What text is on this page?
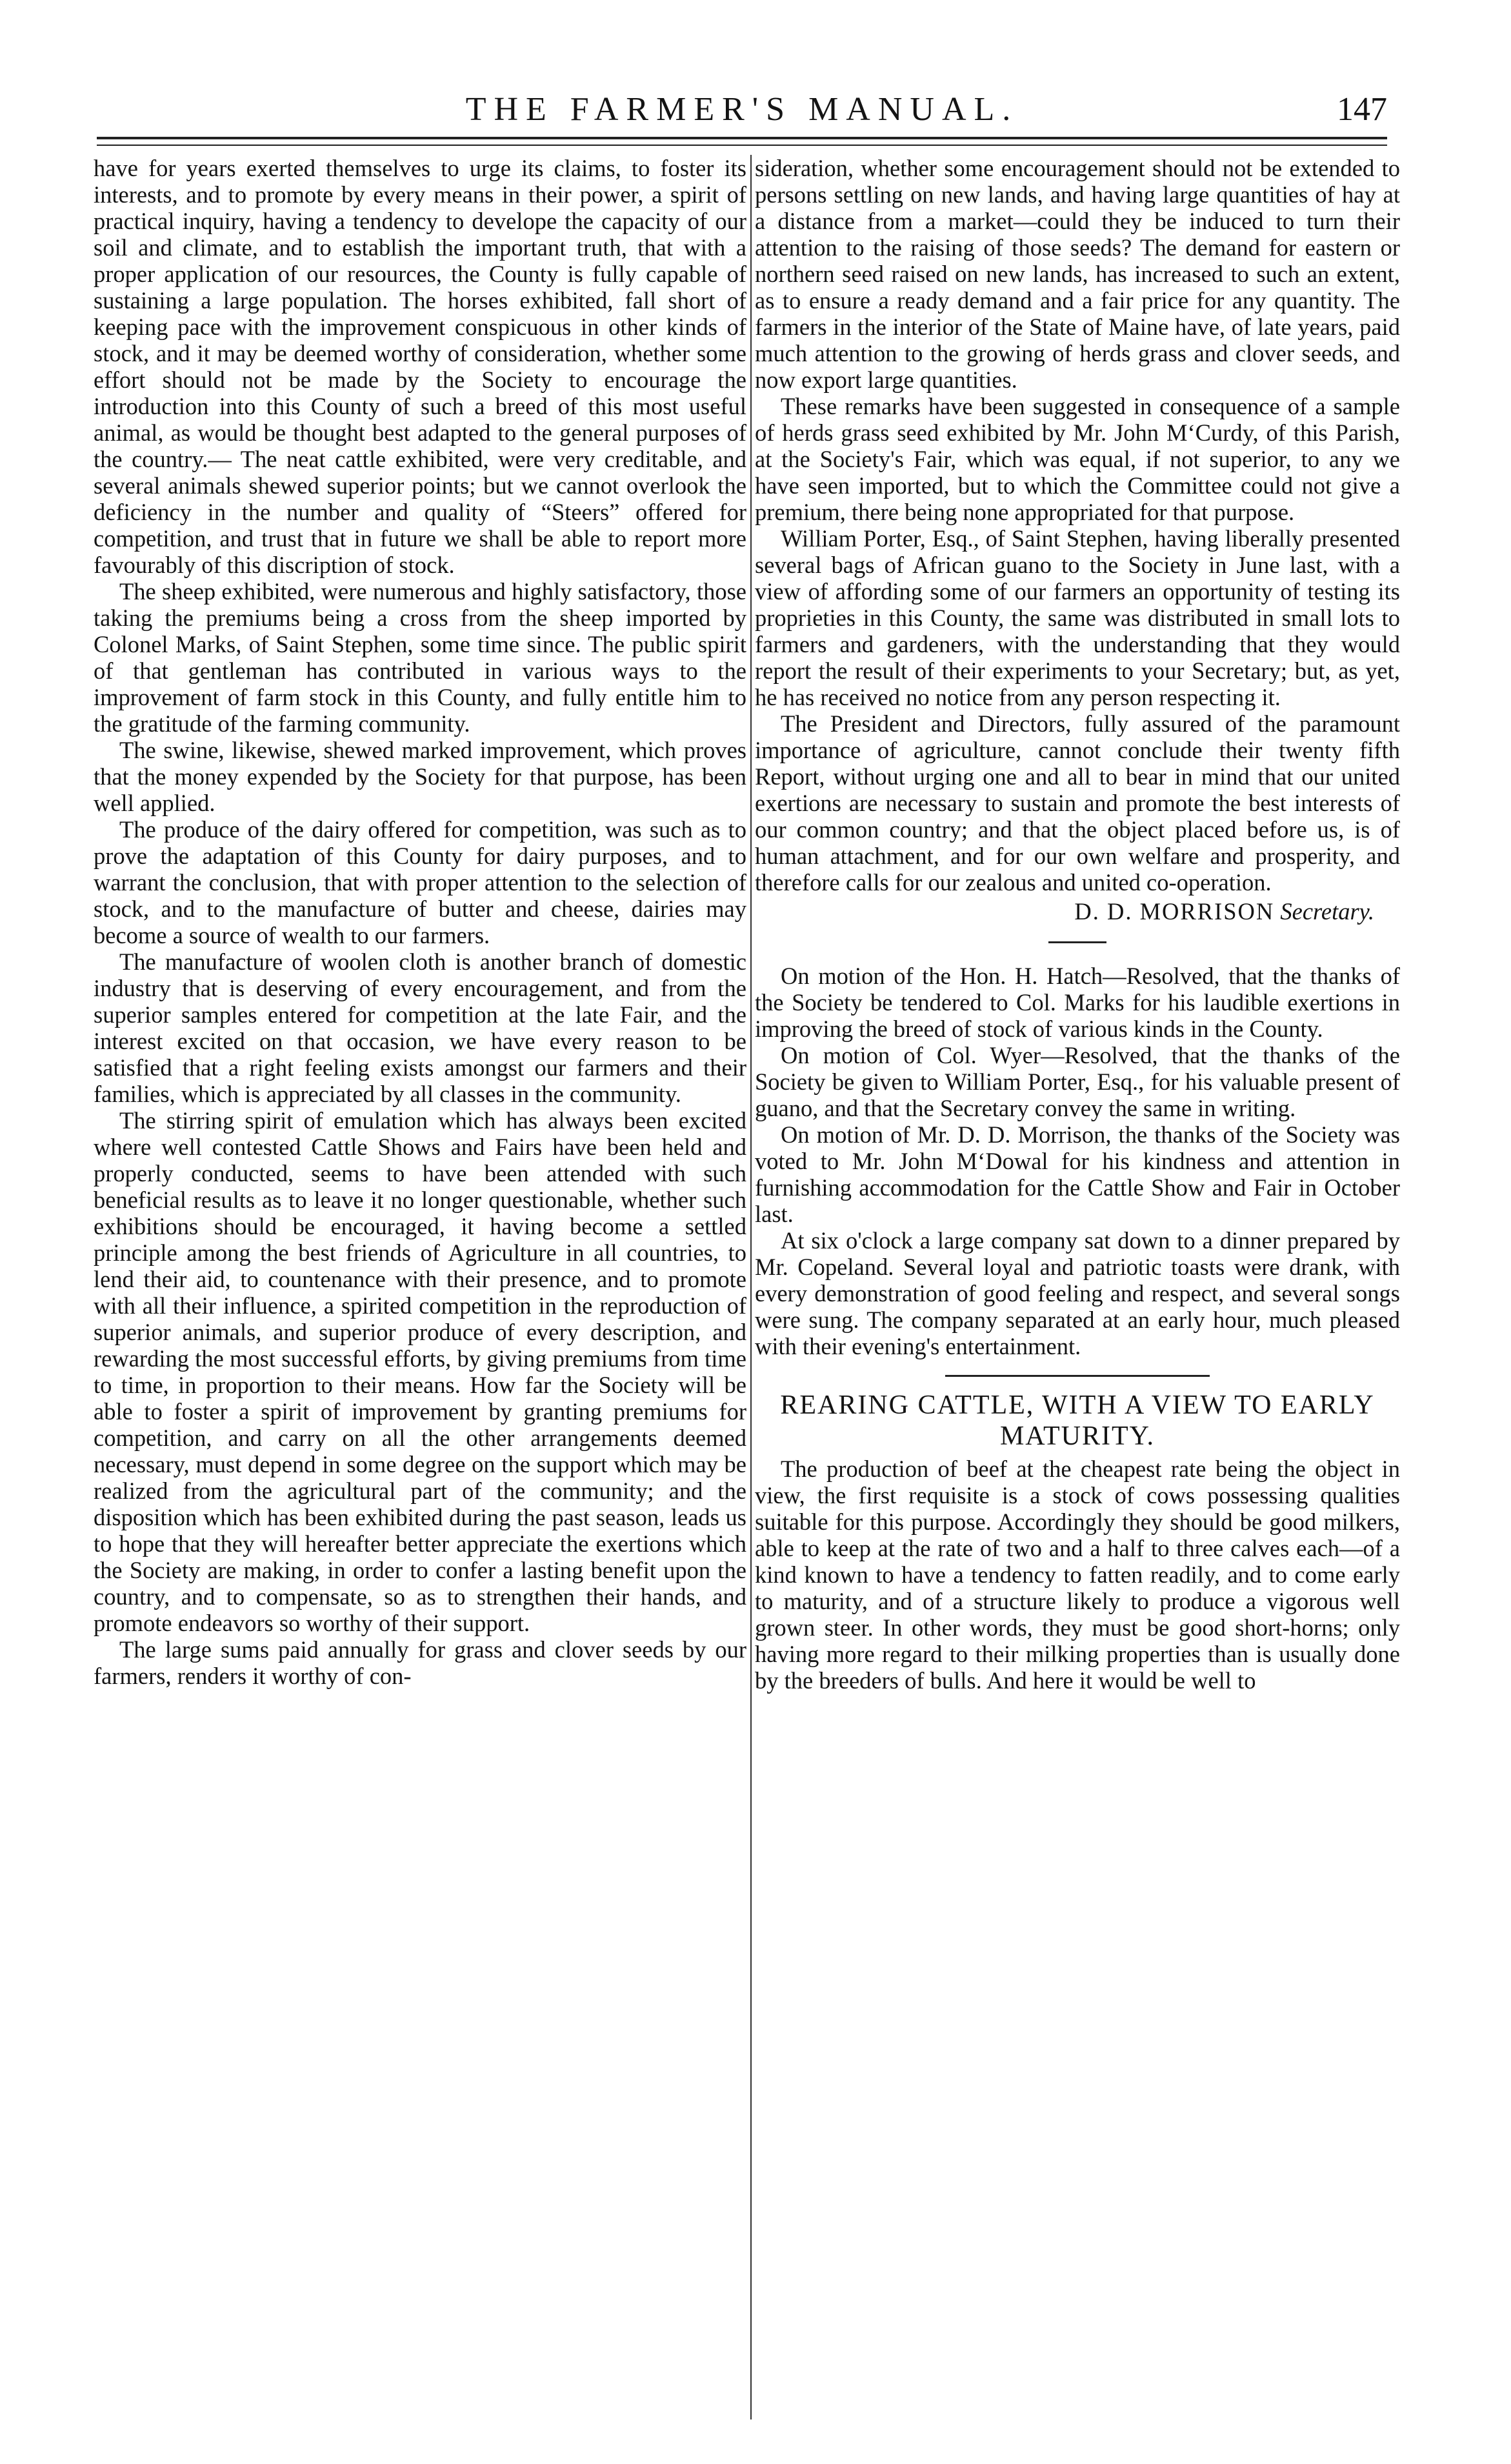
THE FARMER'S MANUAL.	147

have for years exerted themselves to urge its claims, to foster its interests, and to promote by every means in their power, a spirit of practical inquiry, having a tendency to develope the capacity of our soil and climate, and to establish the important truth, that with a proper application of our resources, the County is fully capable of sustaining a large population. The horses exhibited, fall short of keeping pace with the improvement conspicuous in other kinds of stock, and it may be deemed worthy of consideration, whether some effort should not be made by the Society to encourage the introduction into this County of such a breed of this most useful animal, as would be thought best adapted to the general purposes of the country.— The neat cattle exhibited, were very creditable, and several animals shewed superior points; but we cannot overlook the deficiency in the number and quality of “Steers” offered for competition, and trust that in future we shall be able to report more favourably of this discription of stock.

The sheep exhibited, were numerous and highly satisfactory, those taking the premiums being a cross from the sheep imported by Colonel Marks, of Saint Stephen, some time since. The public spirit of that gentleman has contributed in various ways to the improvement of farm stock in this County, and fully entitle him to the gratitude of the farming community.

The swine, likewise, shewed marked improvement, which proves that the money expended by the Society for that purpose, has been well applied.

The produce of the dairy offered for competition, was such as to prove the adaptation of this County for dairy purposes, and to warrant the conclusion, that with proper attention to the selection of stock, and to the manufacture of butter and cheese, dairies may become a source of wealth to our farmers.

The manufacture of woolen cloth is another branch of domestic industry that is deserving of every encouragement, and from the superior samples entered for competition at the late Fair, and the interest excited on that occasion, we have every reason to be satisfied that a right feeling exists amongst our farmers and their families, which is appreciated by all classes in the community.

The stirring spirit of emulation which has always been excited where well contested Cattle Shows and Fairs have been held and properly conducted, seems to have been attended with such beneficial results as to leave it no longer questionable, whether such exhibitions should be encouraged, it having become a settled principle among the best friends of Agriculture in all countries, to lend their aid, to countenance with their presence, and to promote with all their influence, a spirited competition in the reproduction of superior animals, and superior produce of every description, and rewarding the most successful efforts, by giving premiums from time to time, in proportion to their means. How far the Society will be able to foster a spirit of improvement by granting premiums for competition, and carry on all the other arrangements deemed necessary, must depend in some degree on the support which may be realized from the agricultural part of the community; and the disposition which has been exhibited during the past season, leads us to hope that they will hereafter better appreciate the exertions which the Society are making, in order to confer a lasting benefit upon the country, and to compensate, so as to strengthen their hands, and promote endeavors so worthy of their support.

The large sums paid annually for grass and clover seeds by our farmers, renders it worthy of con-

sideration, whether some encouragement should not be extended to persons settling on new lands, and having large quantities of hay at a distance from a market—could they be induced to turn their attention to the raising of those seeds? The demand for eastern or northern seed raised on new lands, has increased to such an extent, as to ensure a ready demand and a fair price for any quantity. The farmers in the interior of the State of Maine have, of late years, paid much attention to the growing of herds grass and clover seeds, and now export large quantities.

These remarks have been suggested in consequence of a sample of herds grass seed exhibited by Mr. John M‘Curdy, of this Parish, at the Society's Fair, which was equal, if not superior, to any we have seen imported, but to which the Committee could not give a premium, there being none appropriated for that purpose.

William Porter, Esq., of Saint Stephen, having liberally presented several bags of African guano to the Society in June last, with a view of affording some of our farmers an opportunity of testing its proprieties in this County, the same was distributed in small lots to farmers and gardeners, with the understanding that they would report the result of their experiments to your Secretary; but, as yet, he has received no notice from any person respecting it.

The President and Directors, fully assured of the paramount importance of agriculture, cannot conclude their twenty fifth Report, without urging one and all to bear in mind that our united exertions are necessary to sustain and promote the best interests of our common country; and that the object placed before us, is of human attachment, and for our own welfare and prosperity, and therefore calls for our zealous and united co-operation.

D. D. MORRISON Secretary.

On motion of the Hon. H. Hatch—Resolved, that the thanks of the Society be tendered to Col. Marks for his laudible exertions in improving the breed of stock of various kinds in the County.

On motion of Col. Wyer—Resolved, that the thanks of the Society be given to William Porter, Esq., for his valuable present of guano, and that the Secretary convey the same in writing.

On motion of Mr. D. D. Morrison, the thanks of the Society was voted to Mr. John M‘Dowal for his kindness and attention in furnishing accommodation for the Cattle Show and Fair in October last.

At six o'clock a large company sat down to a dinner prepared by Mr. Copeland. Several loyal and patriotic toasts were drank, with every demonstration of good feeling and respect, and several songs were sung. The company separated at an early hour, much pleased with their evening's entertainment.

REARING CATTLE, WITH A VIEW TO EARLY MATURITY.

The production of beef at the cheapest rate being the object in view, the first requisite is a stock of cows possessing qualities suitable for this purpose. Accordingly they should be good milkers, able to keep at the rate of two and a half to three calves each—of a kind known to have a tendency to fatten readily, and to come early to maturity, and of a structure likely to produce a vigorous well grown steer. In other words, they must be good short-horns; only having more regard to their milking properties than is usually done by the breeders of bulls. And here it would be well to
